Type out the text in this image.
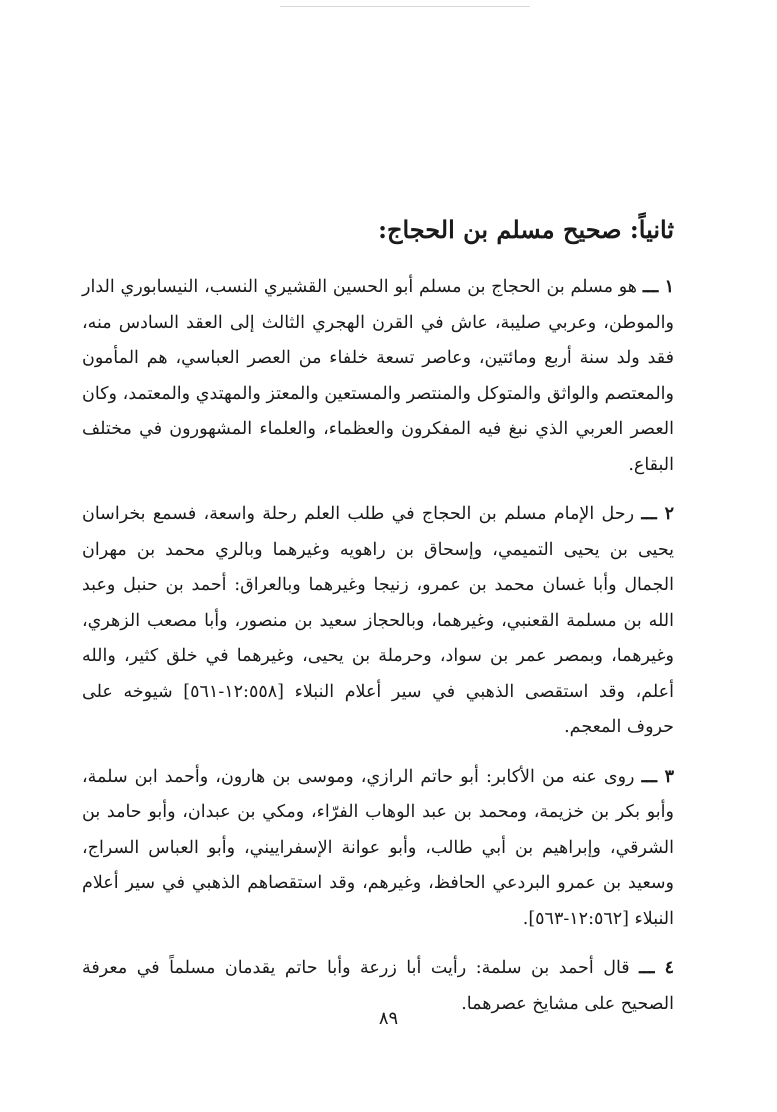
ثانياً: صحيح مسلم بن الحجاج:

١ ـــ هو مسلم بن الحجاج بن مسلم أبو الحسين القشيري النسب، النيسابوري الدار والموطن، وعربي صليبة، عاش في القرن الهجري الثالث إلى العقد السادس منه، فقد ولد سنة أربع ومائتين، وعاصر تسعة خلفاء من العصر العباسي، هم المأمون والمعتصم والواثق والمتوكل والمنتصر والمستعين والمعتز والمهتدي والمعتمد، وكان العصر العربي الذي نبغ فيه المفكرون والعظماء، والعلماء المشهورون في مختلف البقاع.

٢ ـــ رحل الإمام مسلم بن الحجاج في طلب العلم رحلة واسعة، فسمع بخراسان يحيى بن يحيى التميمي، وإسحاق بن راهويه وغيرهما وبالري محمد بن مهران الجمال وأبا غسان محمد بن عمرو، زنيجا وغيرهما وبالعراق: أحمد بن حنبل وعبد الله بن مسلمة القعنبي، وغيرهما، وبالحجاز سعيد بن منصور، وأبا مصعب الزهري، وغيرهما، وبمصر عمر بن سواد، وحرملة بن يحيى، وغيرهما في خلق كثير، والله أعلم، وقد استقصى الذهبي في سير أعلام النبلاء [١٢:٥٥٨-٥٦١] شيوخه على حروف المعجم.

٣ ـــ روى عنه من الأكابر: أبو حاتم الرازي، وموسى بن هارون، وأحمد ابن سلمة، وأبو بكر بن خزيمة، ومحمد بن عبد الوهاب الفرّاء، ومكي بن عبدان، وأبو حامد بن الشرقي، وإبراهيم بن أبي طالب، وأبو عوانة الإسفراييني، وأبو العباس السراج، وسعيد بن عمرو البردعي الحافظ، وغيرهم، وقد استقصاهم الذهبي في سير أعلام النبلاء [١٢:٥٦٢-٥٦٣].

٤ ـــ قال أحمد بن سلمة: رأيت أبا زرعة وأبا حاتم يقدمان مسلماً في معرفة الصحيح على مشايخ عصرهما.

٨٩
